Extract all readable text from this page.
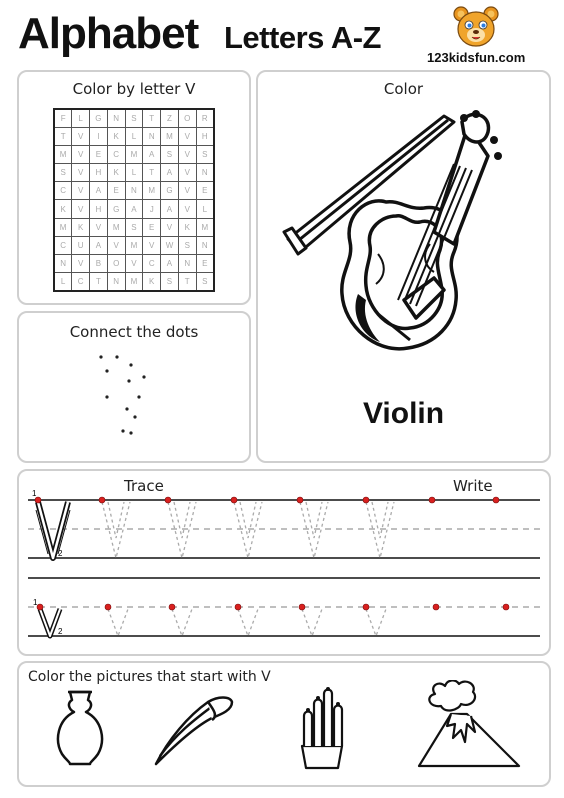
Alphabet Letters A-Z
123kidsfun.com
Color by letter V
F	L	G	N	S	T	Z	O	R
T	V	I	K	L	N	M	V	H
M	V	E	C	M	A	S	V	S
S	V	H	K	L	T	A	V	N
C	V	A	E	N	M	G	V	E
K	V	H	G	A	J	A	V	L
M	K	V	M	S	E	V	K	M
C	U	A	V	M	V	W	S	N
N	V	B	O	V	C	A	N	E
L	C	T	N	M	K	S	T	S
Connect the dots
Color
Violin
Trace	Write
1
2
1
2
Color the pictures that start with V
